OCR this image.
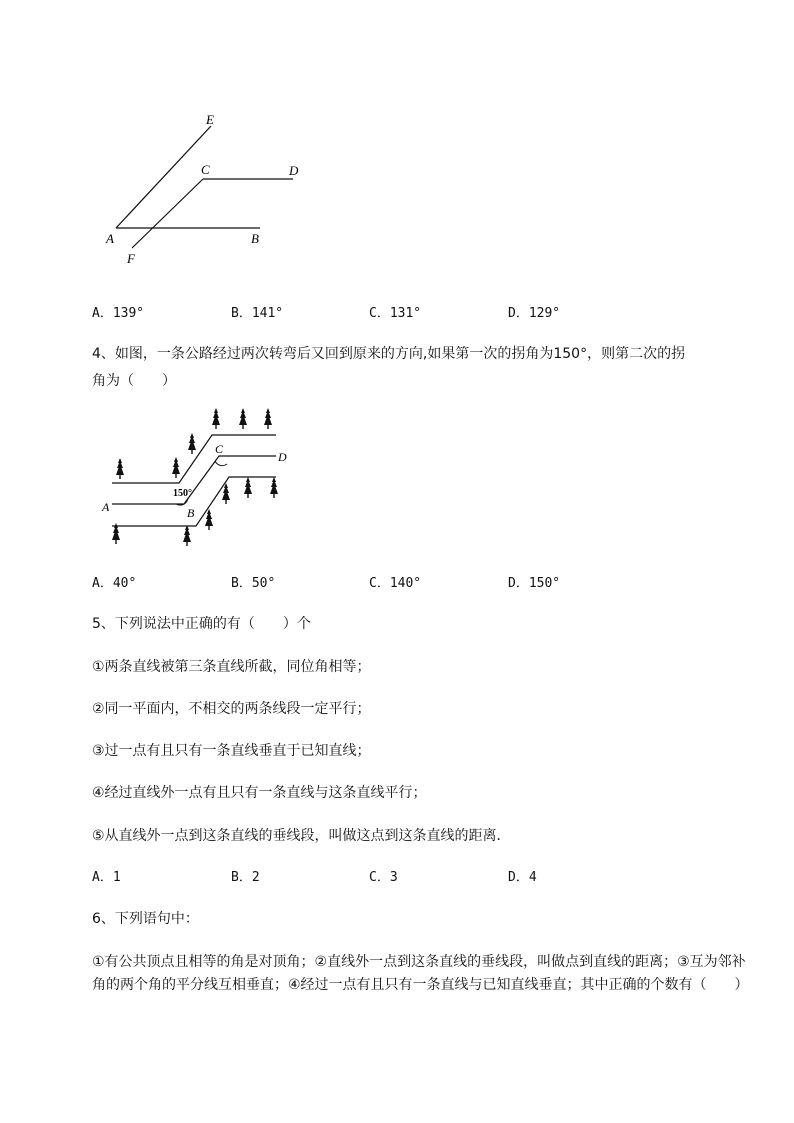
E
C	D
A	B
F
A．139°	B．141°	C．131°	D．129°
4、如图，一条公路经过两次转弯后又回到原来的方向,如果第一次的拐角为150°，则第二次的拐
角为（　　）
150°
A	B
C
D
A．40°	B．50°	C．140°	D．150°
5、下列说法中正确的有（　　）个
①两条直线被第三条直线所截，同位角相等；
②同一平面内，不相交的两条线段一定平行；
③过一点有且只有一条直线垂直于已知直线；
④经过直线外一点有且只有一条直线与这条直线平行；
⑤从直线外一点到这条直线的垂线段，叫做这点到这条直线的距离．
A．1	B．2	C．3	D．4
6、下列语句中：
①有公共顶点且相等的角是对顶角；②直线外一点到这条直线的垂线段，叫做点到直线的距离；③互为邻补角的两个角的平分线互相垂直；④经过一点有且只有一条直线与已知直线垂直；其中正确的个数有（　　）
